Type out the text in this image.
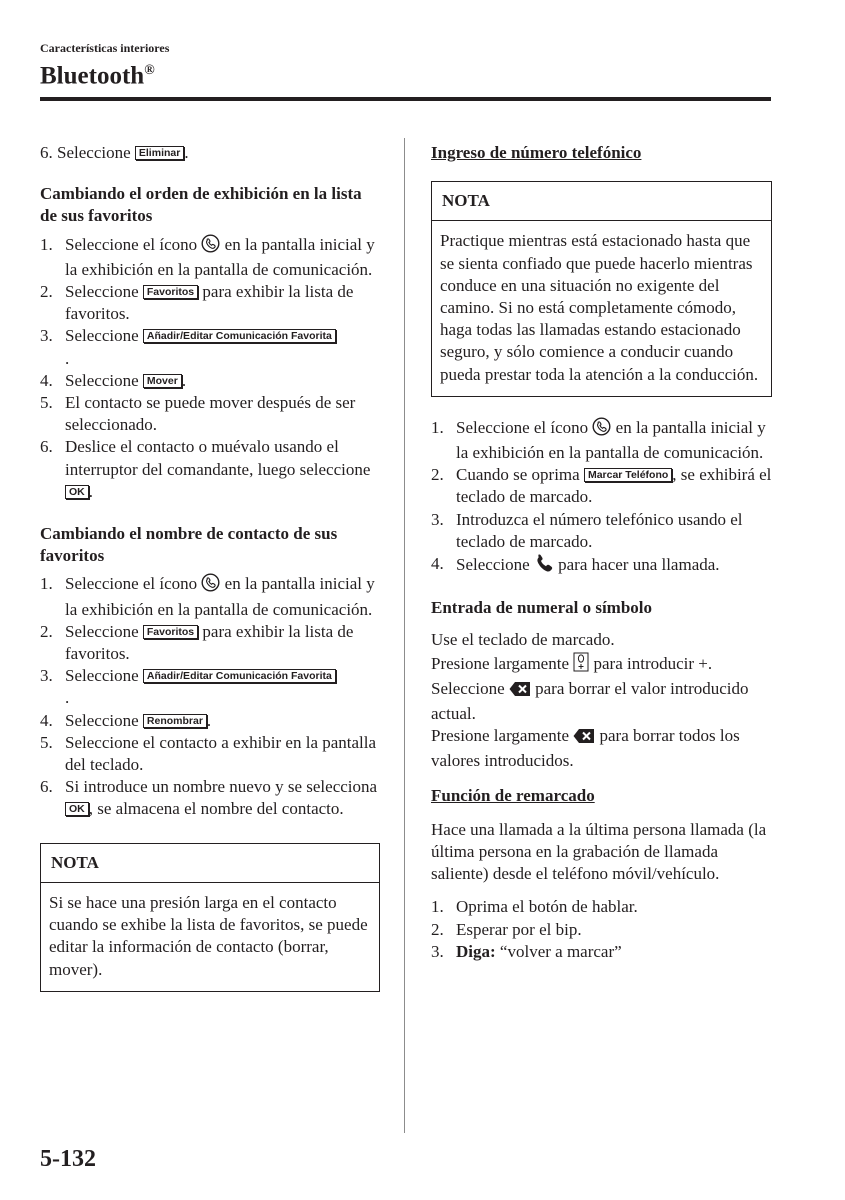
Características interiores
Bluetooth®

6. Seleccione Eliminar .

Cambiando el orden de exhibición en la lista de sus favoritos

1. Seleccione el ícono en la pantalla inicial y la exhibición en la pantalla de comunicación.
2. Seleccione Favoritos para exhibir la lista de favoritos.
3. Seleccione Añadir/Editar Comunicación Favorita
.
4. Seleccione Mover .
5. El contacto se puede mover después de ser seleccionado.
6. Deslice el contacto o muévalo usando el interruptor del comandante, luego seleccione OK .

Cambiando el nombre de contacto de sus favoritos

1. Seleccione el ícono en la pantalla inicial y la exhibición en la pantalla de comunicación.
2. Seleccione Favoritos para exhibir la lista de favoritos.
3. Seleccione Añadir/Editar Comunicación Favorita
.
4. Seleccione Renombrar .
5. Seleccione el contacto a exhibir en la pantalla del teclado.
6. Si introduce un nombre nuevo y se selecciona OK , se almacena el nombre del contacto.
NOTA
Si se hace una presión larga en el contacto cuando se exhibe la lista de favoritos, se puede editar la información de contacto (borrar, mover).

Ingreso de número telefónico

NOTA
Practique mientras está estacionado hasta que se sienta confiado que puede hacerlo mientras conduce en una situación no exigente del camino. Si no está completamente cómodo, haga todas las llamadas estando estacionado seguro, y sólo comience a conducir cuando pueda prestar toda la atención a la conducción.
1. Seleccione el ícono en la pantalla inicial y la exhibición en la pantalla de comunicación.
2. Cuando se oprima Marcar Teléfono , se exhibirá el teclado de marcado.
3. Introduzca el número telefónico usando el teclado de marcado.
4. Seleccione para hacer una llamada.

Entrada de numeral o símbolo

Use el teclado de marcado.
Presione largamente para introducir +.
Seleccione para borrar el valor introducido actual.
Presione largamente para borrar todos los valores introducidos.

Función de remarcado

Hace una llamada a la última persona llamada (la última persona en la grabación de llamada saliente) desde el teléfono móvil/vehículo.

1. Oprima el botón de hablar.
2. Esperar por el bip.
3. Diga: “volver a marcar”
5-132
